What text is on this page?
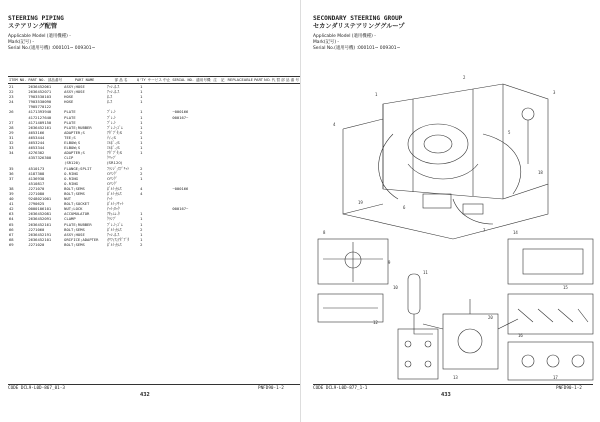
STEERING PIPING
ステアリング配管
Applicable Model (適用機種) -
Mark(記号) -
Serial No.(適用号機) :000101~ 009301~
ITEM NO.	PART NO. 部品番号	PART NAME	部 品 名	Q'TY	サービス 中止	SERIAL NO. 適用号機	注	記	REPLACEABLE PART NO. 代 替 部 品 番 号
21	2636452061	ASSY;HOSE	ｱｯｼ-ﾎ-ｽ	1					
22	2636452071	ASSY;HOSE	ｱｯｼ-ﾎ-ｽ	1					
23	7903530103	HOSE	ﾎ-ｽ	1					
24	7903530090	HOSE	ﾎ-ｽ	1					
	7905770122								
26	4171393940	PLATE	ﾌﾟﾚ-ﾄ	1		~000166			
	4172127640	PLATE	ﾌﾟﾚ-ﾄ	1		000167~			
27	4171409150	PLATE	ﾌﾟﾚ-ﾄ	1					
28	2636452161	PLATE;RUBBER	ﾌﾟﾚ-ﾄ;ｺﾞﾑ	1					
29	4653166	ADAPTER;S	ｱﾀﾞﾌﾟﾀ;S	2					
31	4653444	TEE;S	ﾃｨ-;S	1					
32	4653244	ELBOW;S	ｴﾙﾎﾞ-;S	1					
33	4653344	ELBOW;S	ｴﾙﾎﾞ-;S	1					
34	4276302	ADAPTER;S	ｱﾀﾞﾌﾟﾀ;S	1					
	4357326300	CLIP	ｸﾘｯﾌﾟ						
		(SR120)	(SR120)						
35	4510173	FLANGE;SPLIT	ﾌﾗﾝｼﾞ;ｽﾌﾟﾘｯﾄ	2					
36	4187308	O-RING	Oﾘﾝｸﾞ	2					
37	4136938	O-RING	Oﾘﾝｸﾞ	1					
	4510817	O-RING	Oﾘﾝｸﾞ						
38	J271070	BOLT;SEMS	ﾎﾞﾙﾄ;ｾﾑｽ	4		~000166			
39	J271080	BOLT;SEMS	ﾎﾞﾙﾄ;ｾﾑｽ	4					
40	9248021001	NUT	ﾅｯﾄ						
41	J790625	BOLT;SOCKET	ﾎﾞﾙﾄ;ｿｹｯﾄ						
42	0000106101	NUT;LOCK	ﾅｯﾄ;ﾛｯｸ			000167~			
63	2636452081	ACCUMULATOR	ｱｷｭﾑﾚ-ﾀ	1					
64	2636452091	CLAMP	ｸﾗﾝﾌﾟ	1					
65	2636452161	PLATE;RUBBER	ﾌﾟﾚ-ﾄ;ｺﾞﾑ	1					
66	J271060	BOLT;SEMS	ﾎﾞﾙﾄ;ｾﾑｽ	2					
67	2636452191	ASSY;HOSE	ｱｯｼ-ﾎ-ｽ	1					
68	2636452101	ORIFICE;ADAPTER	ｵﾘﾌｨｽ;ｱﾀﾞﾌﾟﾀ	1					
69	J271020	BOLT;SEMS	ﾎﾞﾙﾄ;ｾﾑｽ	2					
CODE DCL9-L0D-867_01-3
432
PNFD90-1-2
SECONDARY STEERING GROUP
セカンダリステアリンググループ
Applicable Model (適用機種) -
Mark(記号) -
Serial No.(適用号機) :000101~ 009301~
1
2
3
4
5
6
7
8
9
10
11
12
13
14
15
16
17
18
19
20
CODE DCL9-L0D-877_1-1
433
PNFD90-1-2
